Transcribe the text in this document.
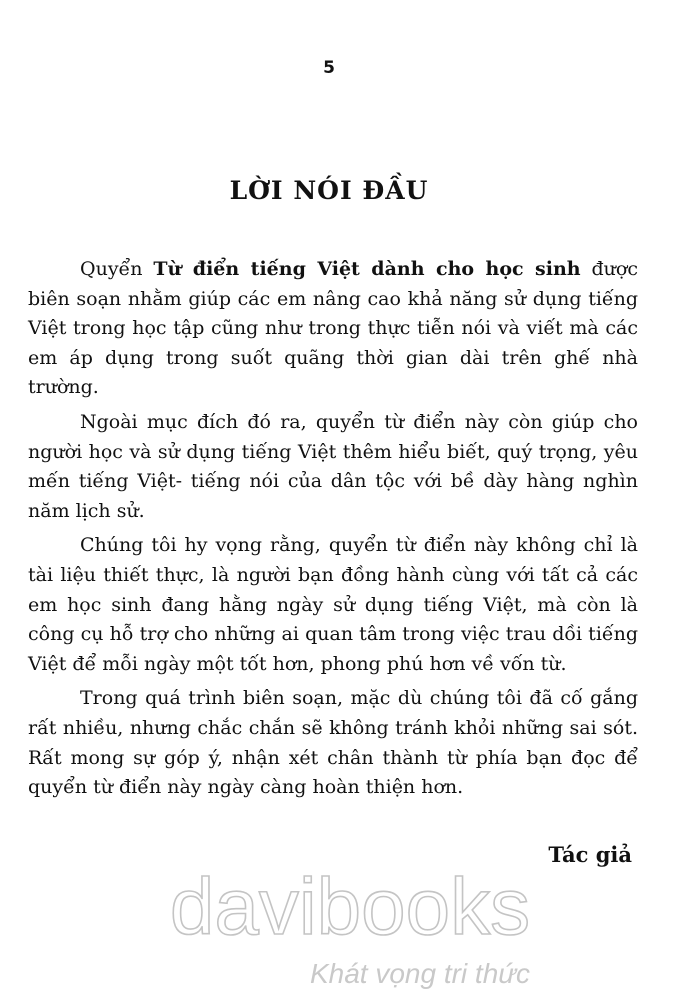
5
LỜI NÓI ĐẦU

Quyển Từ điển tiếng Việt dành cho học sinh được biên soạn nhằm giúp các em nâng cao khả năng sử dụng tiếng Việt trong học tập cũng như trong thực tiễn nói và viết mà các em áp dụng trong suốt quãng thời gian dài trên ghế nhà trường.

Ngoài mục đích đó ra, quyển từ điển này còn giúp cho người học và sử dụng tiếng Việt thêm hiểu biết, quý trọng, yêu mến tiếng Việt- tiếng nói của dân tộc với bề dày hàng nghìn năm lịch sử.

Chúng tôi hy vọng rằng, quyển từ điển này không chỉ là tài liệu thiết thực, là người bạn đồng hành cùng với tất cả các em học sinh đang hằng ngày sử dụng tiếng Việt, mà còn là công cụ hỗ trợ cho những ai quan tâm trong việc trau dồi tiếng Việt để mỗi ngày một tốt hơn, phong phú hơn về vốn từ.

Trong quá trình biên soạn, mặc dù chúng tôi đã cố gắng rất nhiều, nhưng chắc chắn sẽ không tránh khỏi những sai sót. Rất mong sự góp ý, nhận xét chân thành từ phía bạn đọc để quyển từ điển này ngày càng hoàn thiện hơn.

Tác giả
davibooks
Khát vọng tri thức
